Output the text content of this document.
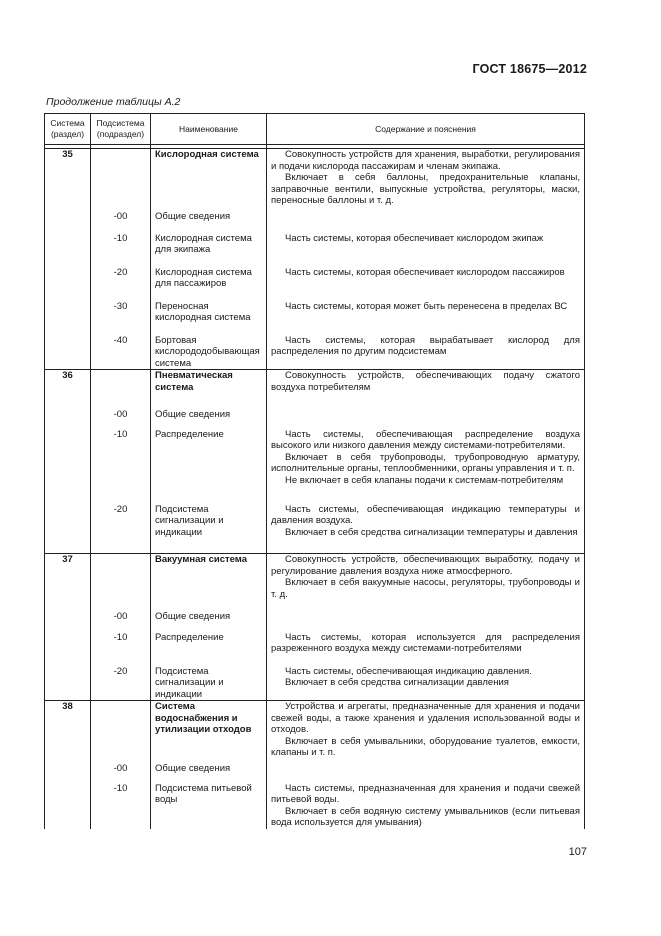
ГОСТ 18675—2012
Продолжение таблицы А.2
Система (раздел)	Подсистема (подраздел)	Наименование	Содержание и пояснения

35		Кислородная система	Совокупность устройств для хранения, выработки, регулирования и подачи кислорода пассажирам и членам экипажа.

Включает в себя баллоны, предохранительные клапаны, заправочные вентили, выпускные устройства, регуляторы, маски, переносные баллоны и т. д.

	-00	Общие сведения	
	-10	Кислородная система для экипажа	Часть системы, которая обеспечивает кислородом экипаж

	-20	Кислородная система для пассажиров	Часть системы, которая обеспечивает кислородом пассажиров

	-30	Переносная кислородная система	Часть системы, которая может быть перенесена в пределах ВС

	-40	Бортовая кислорододобывающая система	Часть системы, которая вырабатывает кислород для распределения по другим подсистемам

36		Пневматическая система	Совокупность устройств, обеспечивающих подачу сжатого воздуха потребителям

	-00	Общие сведения	
	-10	Распределение	Часть системы, обеспечивающая распределение воздуха высокого или низкого давления между системами-потребителями.

Включает в себя трубопроводы, трубопроводную арматуру, исполнительные органы, теплообменники, органы управления и т. п.

Не включает в себя клапаны подачи к системам-потребителям

	-20	Подсистема сигнализации и индикации	Часть системы, обеспечивающая индикацию температуры и давления воздуха.

Включает в себя средства сигнализации температуры и давления

37		Вакуумная система	Совокупность устройств, обеспечивающих выработку, подачу и регулирование давления воздуха ниже атмосферного.

Включает в себя вакуумные насосы, регуляторы, трубопроводы и т. д.

	-00	Общие сведения	
	-10	Распределение	Часть системы, которая используется для распределения разреженного воздуха между системами-потребителями

	-20	Подсистема сигнализации и индикации	Часть системы, обеспечивающая индикацию давления.

Включает в себя средства сигнализации давления

38		Система водоснабжения и утилизации отходов	Устройства и агрегаты, предназначенные для хранения и подачи свежей воды, а также хранения и удаления использованной воды и отходов.

Включает в себя умывальники, оборудование туалетов, емкости, клапаны и т. п.

	-00	Общие сведения	
	-10	Подсистема питьевой воды	Часть системы, предназначенная для хранения и подачи свежей питьевой воды.

Включает в себя водяную систему умывальников (если питьевая вода используется для умывания)

107
